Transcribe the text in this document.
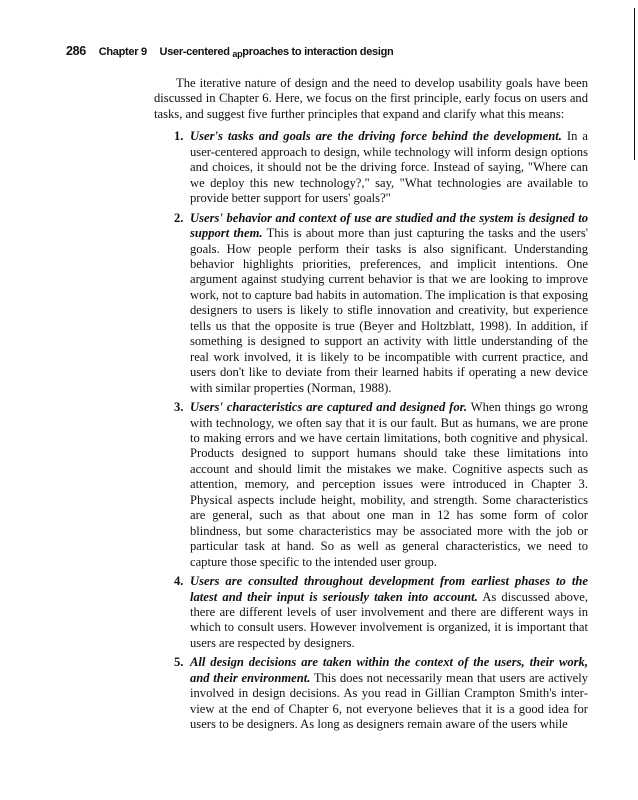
286 Chapter 9 User-centered approaches to interaction design

The iterative nature of design and the need to develop usability goals have been discussed in Chapter 6. Here, we focus on the first principle, early focus on users and tasks, and suggest five further principles that expand and clarify what this means:

1. User's tasks and goals are the driving force behind the development. In a user-centered approach to design, while technology will inform design options and choices, it should not be the driving force. Instead of saying, "Where can we deploy this new technology?," say, "What technologies are available to provide better support for users' goals?"
2. Users' behavior and context of use are studied and the system is designed to support them. This is about more than just capturing the tasks and the users' goals. How people perform their tasks is also significant. Understanding behavior highlights priorities, preferences, and implicit intentions. One argument against studying current behavior is that we are looking to improve work, not to capture bad habits in automation. The implication is that exposing designers to users is likely to stifle innovation and creativity, but experience tells us that the opposite is true (Beyer and Holtzblatt, 1998). In addition, if something is designed to support an activity with little understanding of the real work involved, it is likely to be incompatible with current practice, and users don't like to deviate from their learned habits if operating a new device with similar properties (Norman, 1988).
3. Users' characteristics are captured and designed for. When things go wrong with technology, we often say that it is our fault. But as humans, we are prone to making errors and we have certain limitations, both cognitive and physical. Products designed to support humans should take these limitations into account and should limit the mistakes we make. Cognitive aspects such as attention, memory, and perception issues were introduced in Chapter 3. Physical aspects include height, mobility, and strength. Some characteristics are general, such as that about one man in 12 has some form of color blindness, but some characteristics may be associated more with the job or particular task at hand. So as well as general characteristics, we need to capture those specific to the intended user group.
4. Users are consulted throughout development from earliest phases to the latest and their input is seriously taken into account. As discussed above, there are different levels of user involvement and there are different ways in which to consult users. However involvement is organized, it is important that users are respected by designers.
5. All design decisions are taken within the context of the users, their work, and their environment. This does not necessarily mean that users are actively involved in design decisions. As you read in Gillian Crampton Smith's interview at the end of Chapter 6, not everyone believes that it is a good idea for users to be designers. As long as designers remain aware of the users while
